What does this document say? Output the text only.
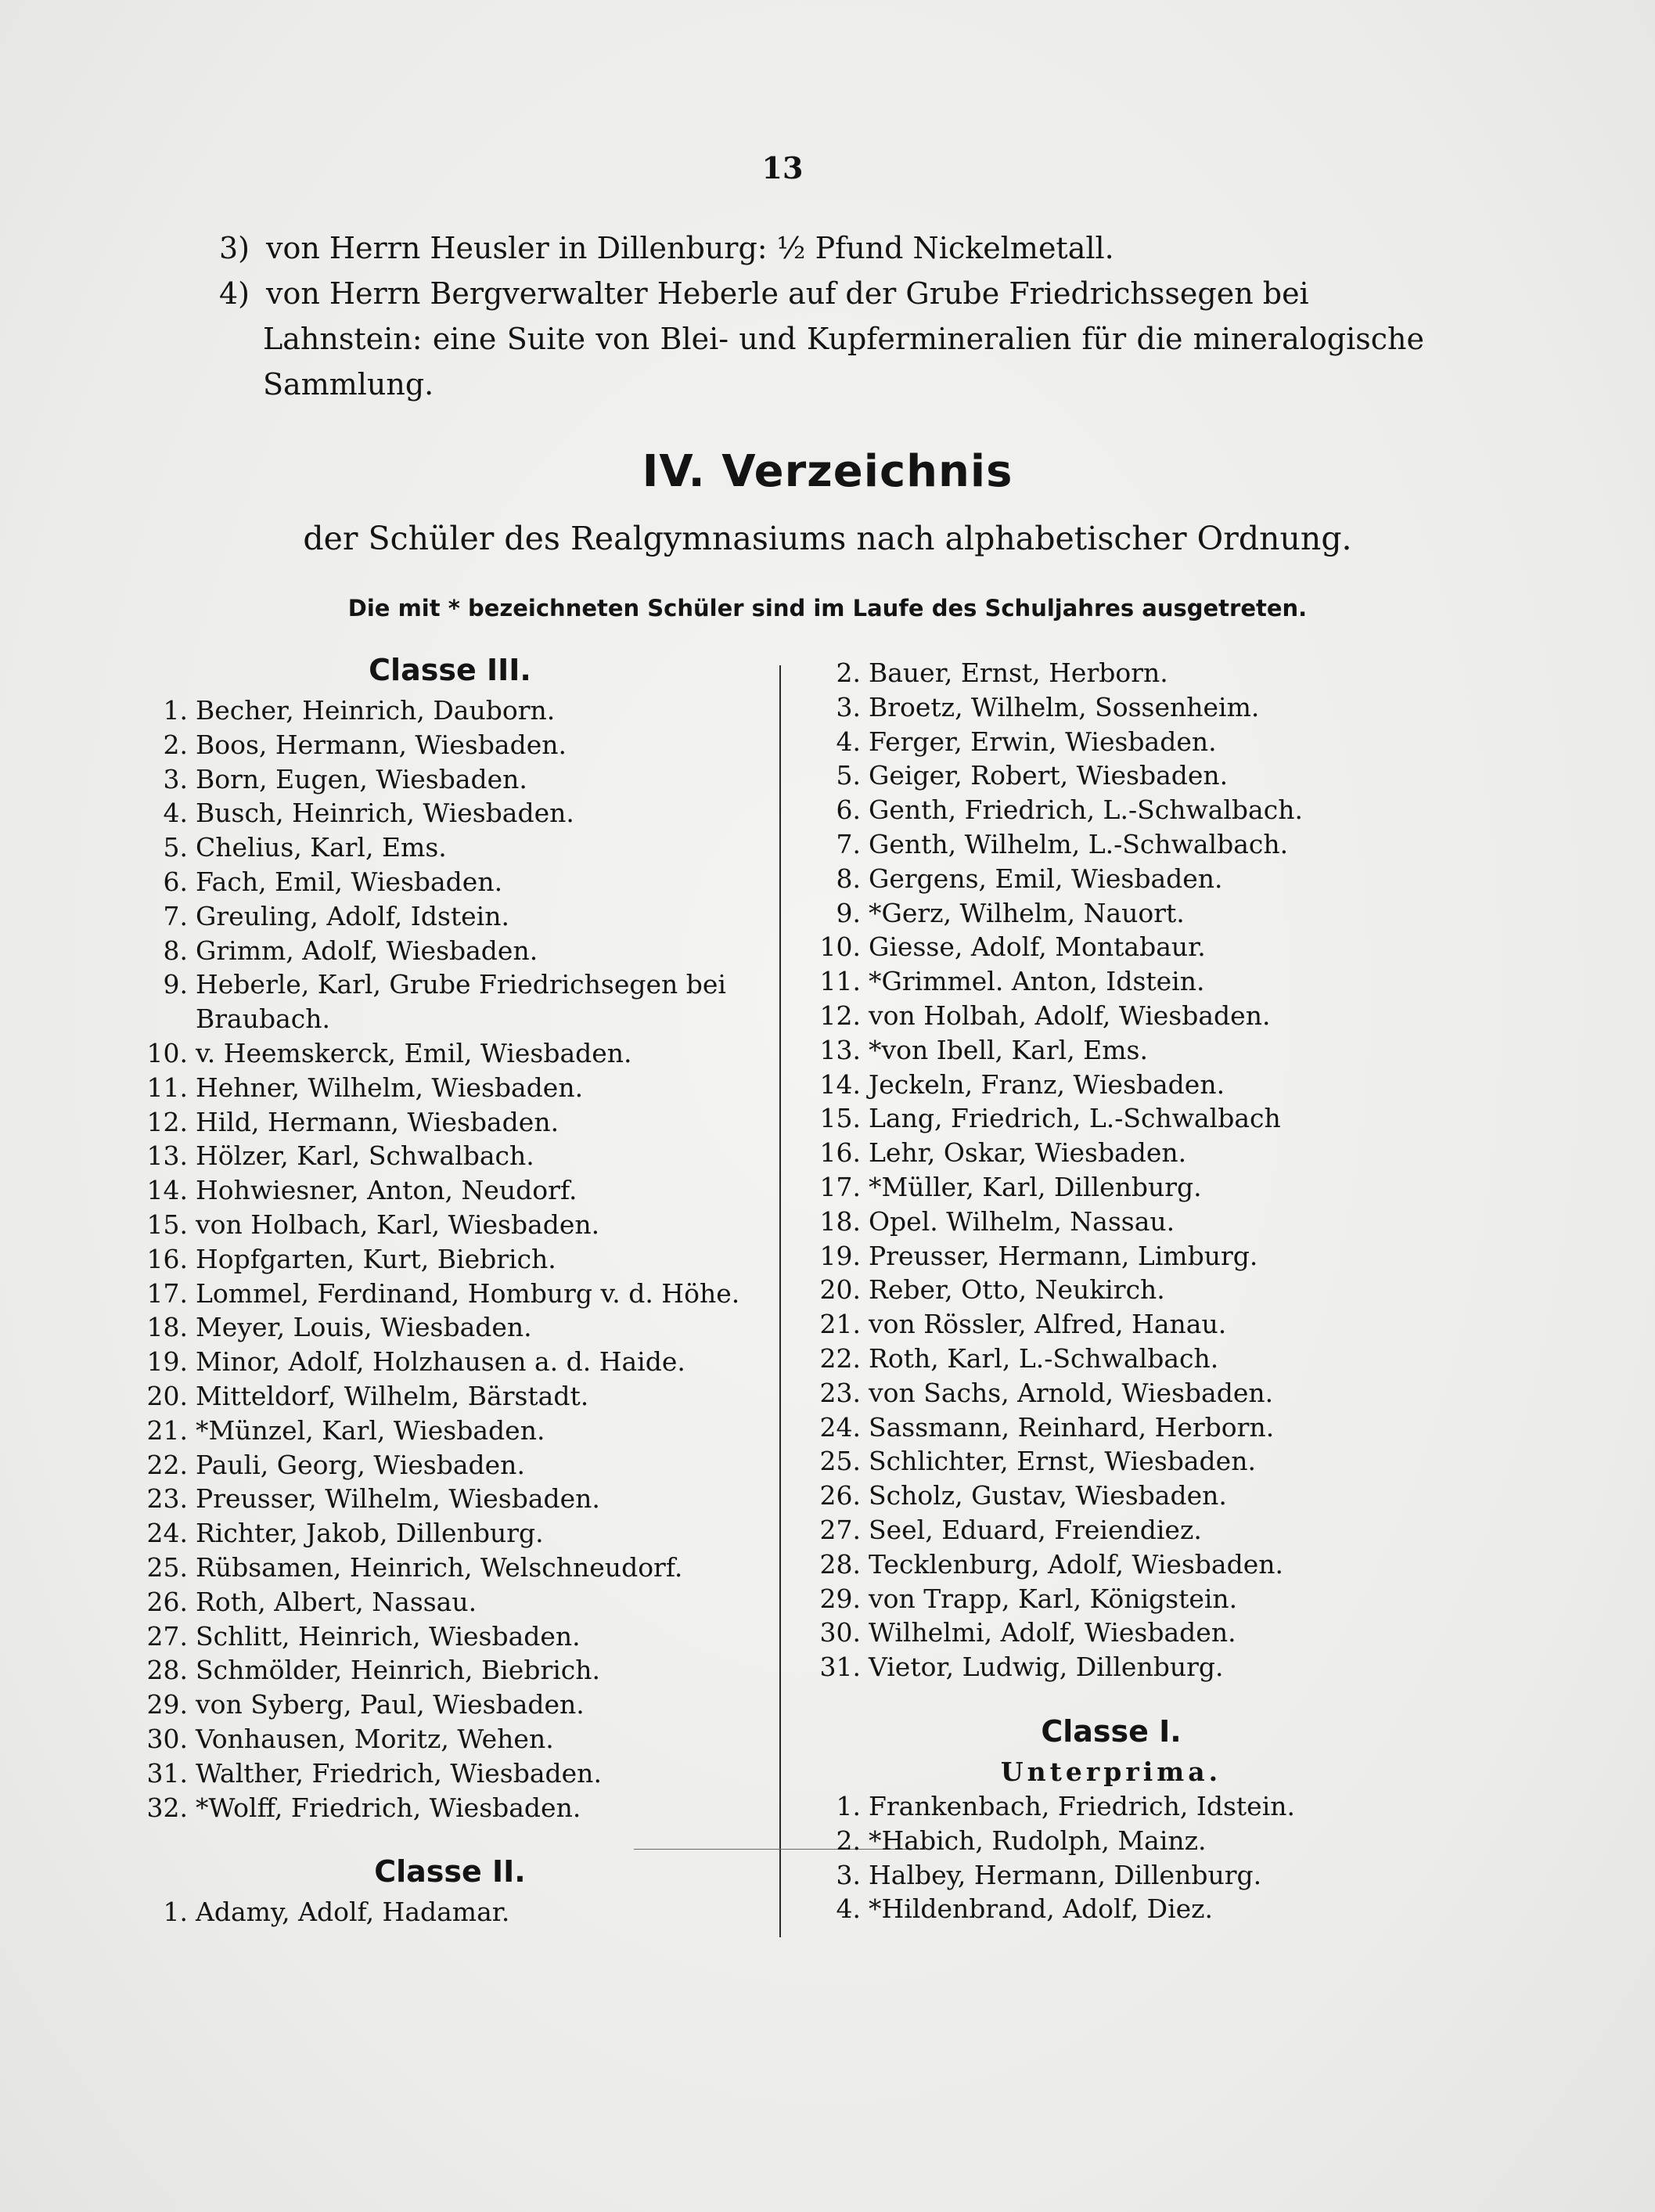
13
3) von Herrn Heusler in Dillenburg: ½ Pfund Nickelmetall.
4) von Herrn Bergverwalter Heberle auf der Grube Friedrichssegen bei
Lahnstein: eine Suite von Blei- und Kupfermineralien für die mineralogische Sammlung.
IV. Verzeichnis
der Schüler des Realgymnasiums nach alphabetischer Ordnung.
Die mit * bezeichneten Schüler sind im Laufe des Schuljahres ausgetreten.
Classe III.
1. Becher, Heinrich, Dauborn.
2. Boos, Hermann, Wiesbaden.
3. Born, Eugen, Wiesbaden.
4. Busch, Heinrich, Wiesbaden.
5. Chelius, Karl, Ems.
6. Fach, Emil, Wiesbaden.
7. Greuling, Adolf, Idstein.
8. Grimm, Adolf, Wiesbaden.
9. Heberle, Karl, Grube Friedrichsegen bei Braubach.
10. v. Heemskerck, Emil, Wiesbaden.
11. Hehner, Wilhelm, Wiesbaden.
12. Hild, Hermann, Wiesbaden.
13. Hölzer, Karl, Schwalbach.
14. Hohwiesner, Anton, Neudorf.
15. von Holbach, Karl, Wiesbaden.
16. Hopfgarten, Kurt, Biebrich.
17. Lommel, Ferdinand, Homburg v. d. Höhe.
18. Meyer, Louis, Wiesbaden.
19. Minor, Adolf, Holzhausen a. d. Haide.
20. Mitteldorf, Wilhelm, Bärstadt.
21. *Münzel, Karl, Wiesbaden.
22. Pauli, Georg, Wiesbaden.
23. Preusser, Wilhelm, Wiesbaden.
24. Richter, Jakob, Dillenburg.
25. Rübsamen, Heinrich, Welschneudorf.
26. Roth, Albert, Nassau.
27. Schlitt, Heinrich, Wiesbaden.
28. Schmölder, Heinrich, Biebrich.
29. von Syberg, Paul, Wiesbaden.
30. Vonhausen, Moritz, Wehen.
31. Walther, Friedrich, Wiesbaden.
32. *Wolff, Friedrich, Wiesbaden.
Classe II.
1. Adamy, Adolf, Hadamar.
2. Bauer, Ernst, Herborn.
3. Broetz, Wilhelm, Sossenheim.
4. Ferger, Erwin, Wiesbaden.
5. Geiger, Robert, Wiesbaden.
6. Genth, Friedrich, L.-Schwalbach.
7. Genth, Wilhelm, L.-Schwalbach.
8. Gergens, Emil, Wiesbaden.
9. *Gerz, Wilhelm, Nauort.
10. Giesse, Adolf, Montabaur.
11. *Grimmel. Anton, Idstein.
12. von Holbah, Adolf, Wiesbaden.
13. *von Ibell, Karl, Ems.
14. Jeckeln, Franz, Wiesbaden.
15. Lang, Friedrich, L.-Schwalbach
16. Lehr, Oskar, Wiesbaden.
17. *Müller, Karl, Dillenburg.
18. Opel. Wilhelm, Nassau.
19. Preusser, Hermann, Limburg.
20. Reber, Otto, Neukirch.
21. von Rössler, Alfred, Hanau.
22. Roth, Karl, L.-Schwalbach.
23. von Sachs, Arnold, Wiesbaden.
24. Sassmann, Reinhard, Herborn.
25. Schlichter, Ernst, Wiesbaden.
26. Scholz, Gustav, Wiesbaden.
27. Seel, Eduard, Freiendiez.
28. Tecklenburg, Adolf, Wiesbaden.
29. von Trapp, Karl, Königstein.
30. Wilhelmi, Adolf, Wiesbaden.
31. Vietor, Ludwig, Dillenburg.
Classe I.
Unterprima.
1. Frankenbach, Friedrich, Idstein.
2. *Habich, Rudolph, Mainz.
3. Halbey, Hermann, Dillenburg.
4. *Hildenbrand, Adolf, Diez.
